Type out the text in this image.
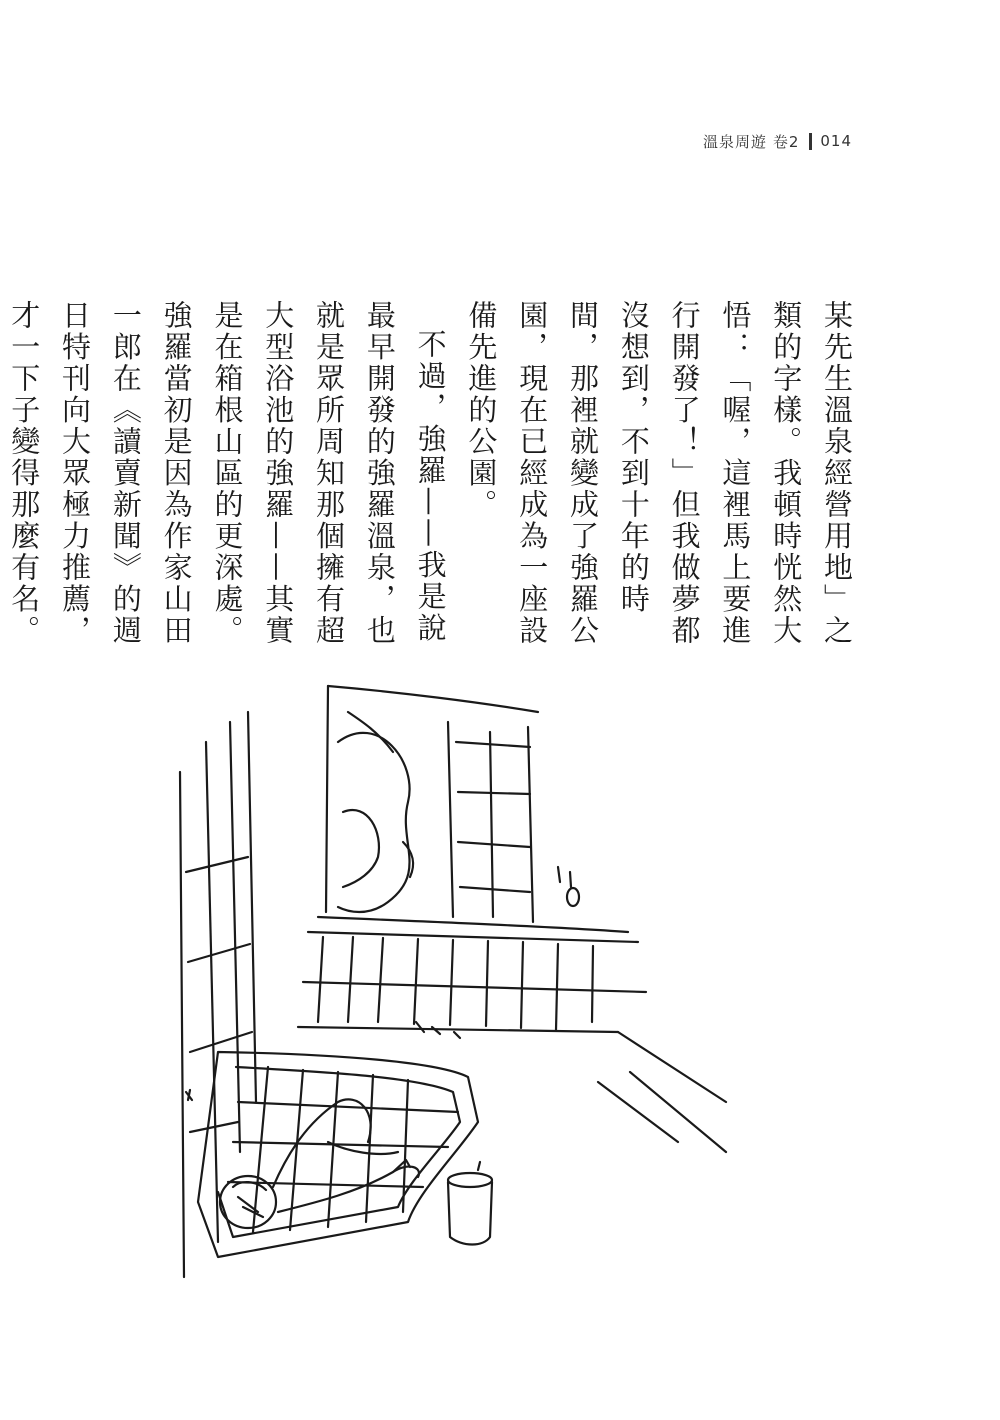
溫泉周遊 卷2 014

某先生溫泉經營用地」之類的字樣。我頓時恍然大悟：「喔，這裡馬上要進行開發了！」但我做夢都沒想到，不到十年的時間，那裡就變成了強羅公園，現在已經成為一座設備先進的公園。

不過，強羅——我是說最早開發的強羅溫泉，也就是眾所周知那個擁有超大型浴池的強羅——其實是在箱根山區的更深處。強羅當初是因為作家山田一郎在《讀賣新聞》的週日特刊向大眾極力推薦，才一下子變得那麼有名。
